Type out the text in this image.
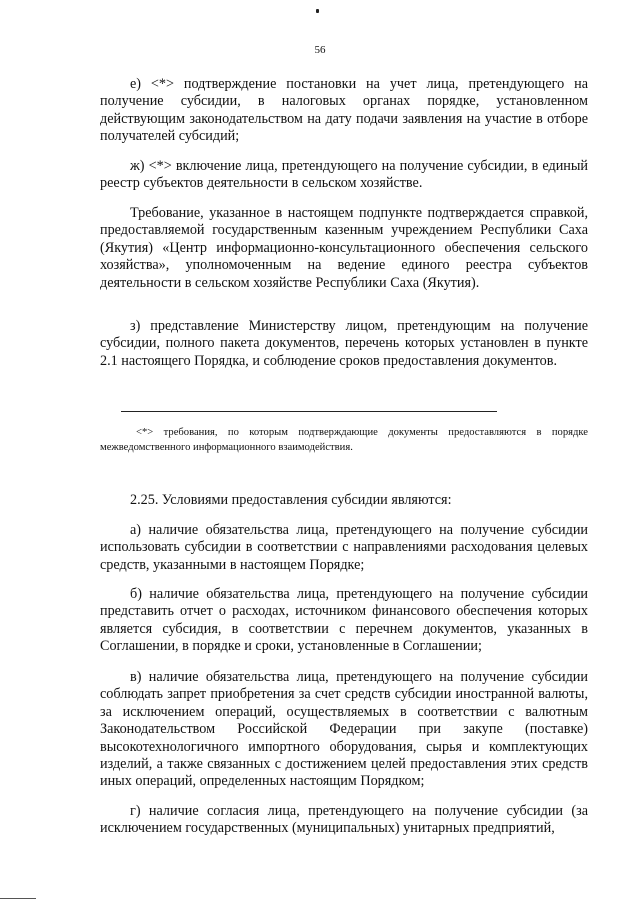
56

е) <*> подтверждение постановки на учет лица, претендующего на получение субсидии, в налоговых органах порядке, установленном действующим законодательством на дату подачи заявления на участие в отборе получателей субсидий;

ж) <*> включение лица, претендующего на получение субсидии, в единый реестр субъектов деятельности в сельском хозяйстве.

Требование, указанное в настоящем подпункте подтверждается справкой, предоставляемой государственным казенным учреждением Республики Саха (Якутия) «Центр информационно-консультационного обеспечения сельского хозяйства», уполномоченным на ведение единого реестра субъектов деятельности в сельском хозяйстве Республики Саха (Якутия).

з) представление Министерству лицом, претендующим на получение субсидии, полного пакета документов, перечень которых установлен в пункте 2.1 настоящего Порядка, и соблюдение сроков предоставления документов.

<*> требования, по которым подтверждающие документы предоставляются в порядке межведомственного информационного взаимодействия.

2.25. Условиями предоставления субсидии являются:

а) наличие обязательства лица, претендующего на получение субсидии использовать субсидии в соответствии с направлениями расходования целевых средств, указанными в настоящем Порядке;

б) наличие обязательства лица, претендующего на получение субсидии представить отчет о расходах, источником финансового обеспечения которых является субсидия, в соответствии с перечнем документов, указанных в Соглашении, в порядке и сроки, установленные в Соглашении;

в) наличие обязательства лица, претендующего на получение субсидии соблюдать запрет приобретения за счет средств субсидии иностранной валюты, за исключением операций, осуществляемых в соответствии с валютным Законодательством Российской Федерации при закупе (поставке) высокотехнологичного импортного оборудования, сырья и комплектующих изделий, а также связанных с достижением целей предоставления этих средств иных операций, определенных настоящим Порядком;

г) наличие согласия лица, претендующего на получение субсидии (за исключением государственных (муниципальных) унитарных предприятий,
